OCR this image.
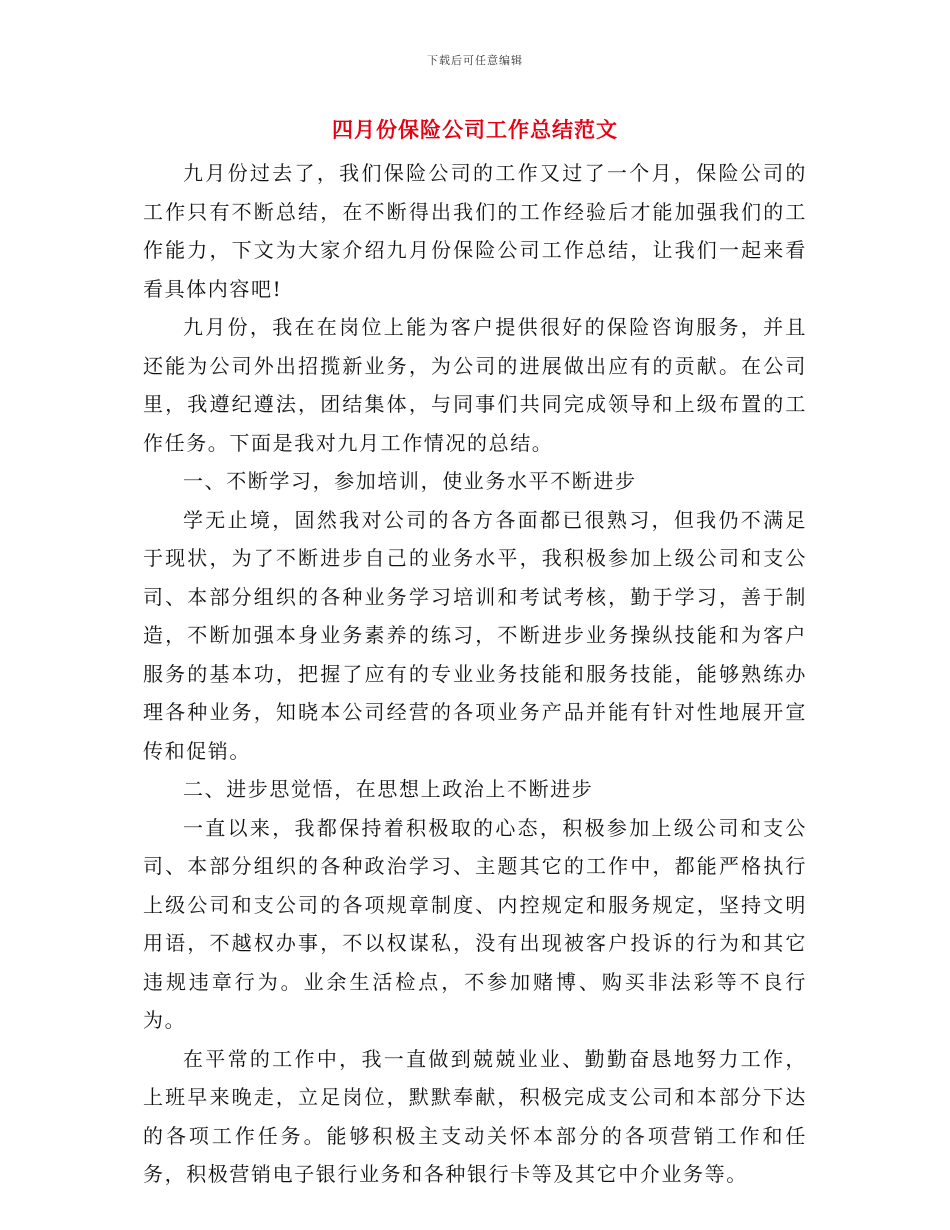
下载后可任意编辑
四月份保险公司工作总结范文

九月份过去了，我们保险公司的工作又过了一个月，保险公司的工作只有不断总结，在不断得出我们的工作经验后才能加强我们的工作能力，下文为大家介绍九月份保险公司工作总结，让我们一起来看看具体内容吧!

九月份，我在在岗位上能为客户提供很好的保险咨询服务，并且还能为公司外出招揽新业务，为公司的进展做出应有的贡献。在公司里，我遵纪遵法，团结集体，与同事们共同完成领导和上级布置的工作任务。下面是我对九月工作情况的总结。

一、不断学习，参加培训，使业务水平不断进步

学无止境，固然我对公司的各方各面都已很熟习，但我仍不满足于现状，为了不断进步自己的业务水平，我积极参加上级公司和支公司、本部分组织的各种业务学习培训和考试考核，勤于学习，善于制造，不断加强本身业务素养的练习，不断进步业务操纵技能和为客户服务的基本功，把握了应有的专业业务技能和服务技能，能够熟练办理各种业务，知晓本公司经营的各项业务产品并能有针对性地展开宣传和促销。

二、进步思觉悟，在思想上政治上不断进步

一直以来，我都保持着积极取的心态，积极参加上级公司和支公司、本部分组织的各种政治学习、主题其它的工作中，都能严格执行上级公司和支公司的各项规章制度、内控规定和服务规定，坚持文明用语，不越权办事，不以权谋私，没有出现被客户投诉的行为和其它违规违章行为。业余生活检点，不参加赌博、购买非法彩等不良行为。

在平常的工作中，我一直做到兢兢业业、勤勤奋恳地努力工作，上班早来晚走，立足岗位，默默奉献，积极完成支公司和本部分下达的各项工作任务。能够积极主支动关怀本部分的各项营销工作和任务，积极营销电子银行业务和各种银行卡等及其它中介业务等。
